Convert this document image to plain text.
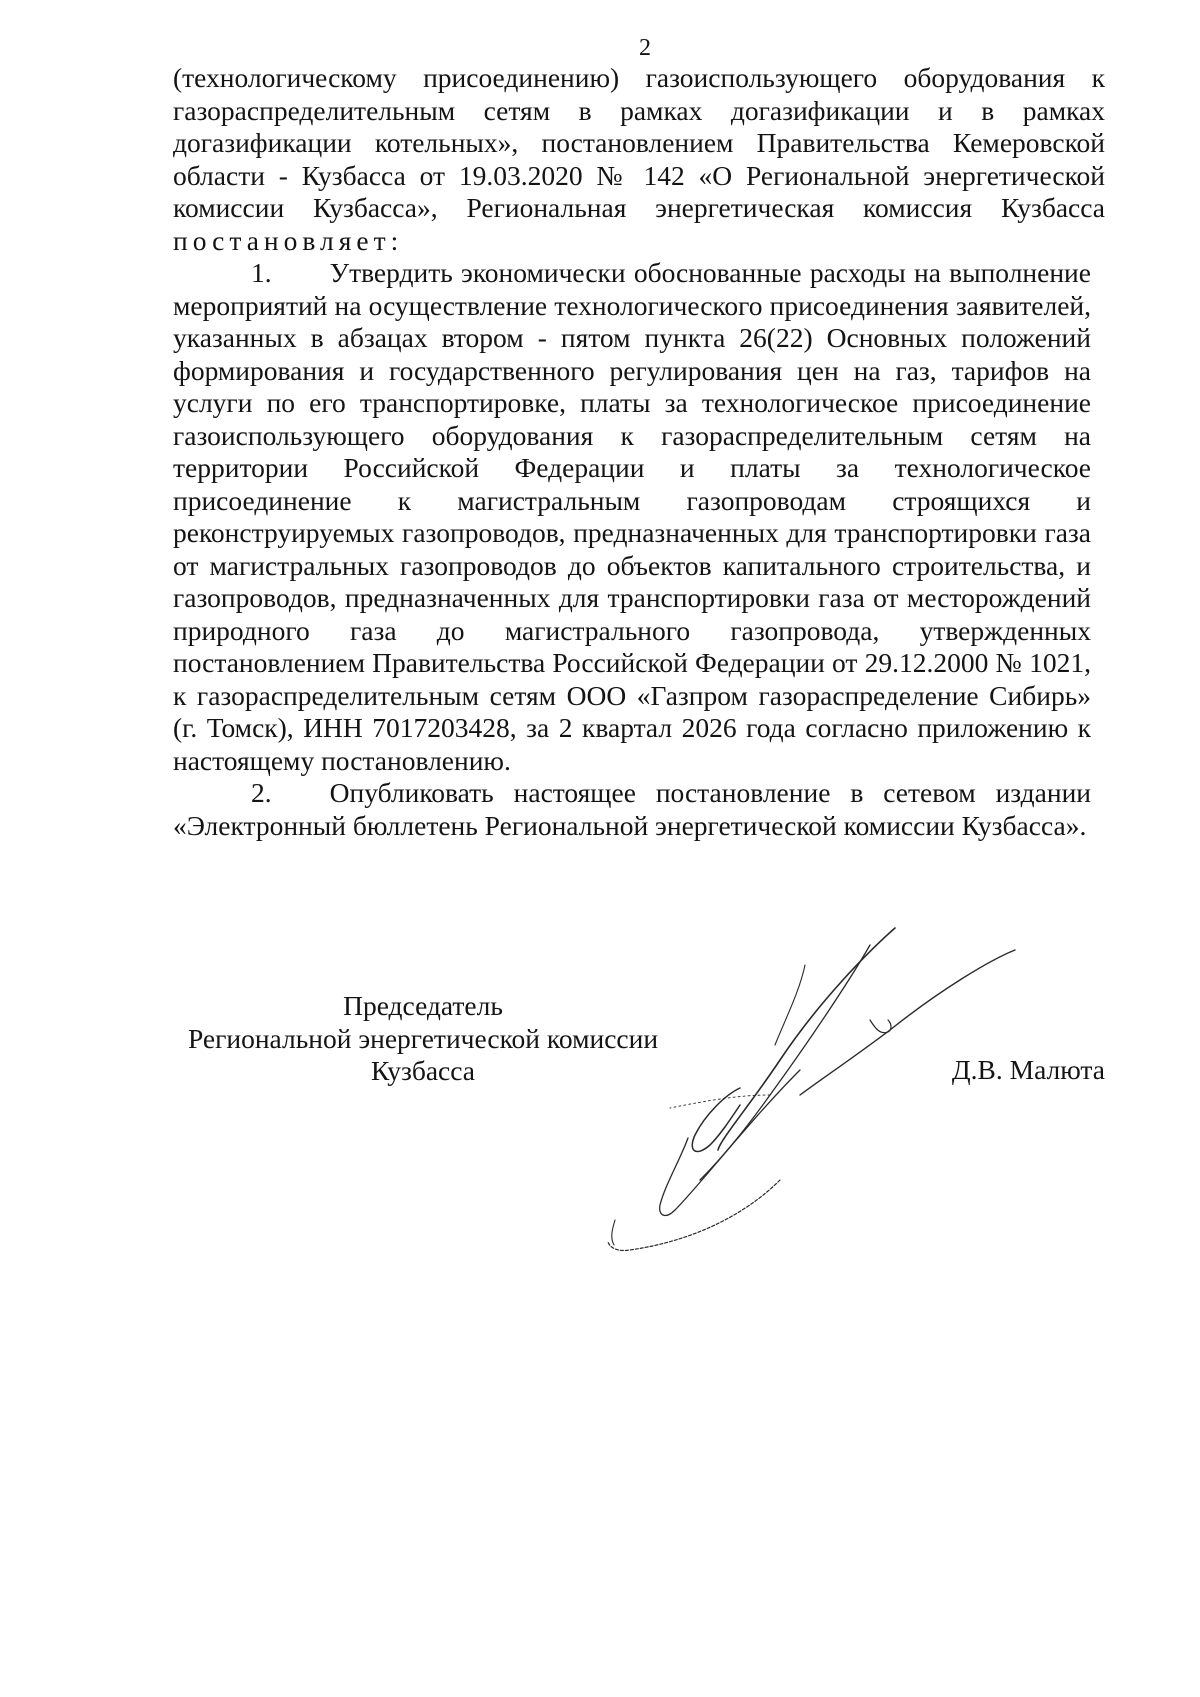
2

(технологическому присоединению) газоиспользующего оборудования к газораспределительным сетям в рамках догазификации и в рамках догазификации котельных», постановлением Правительства Кемеровской области - Кузбасса от 19.03.2020 № 142 «О Региональной энергетической комиссии Кузбасса», Региональная энергетическая комиссия Кузбасса постановляет:

1. Утвердить экономически обоснованные расходы на выполнение мероприятий на осуществление технологического присоединения заявителей, указанных в абзацах втором - пятом пункта 26(22) Основных положений формирования и государственного регулирования цен на газ, тарифов на услуги по его транспортировке, платы за технологическое присоединение газоиспользующего оборудования к газораспределительным сетям на территории Российской Федерации и платы за технологическое присоединение к магистральным газопроводам строящихся и реконструируемых газопроводов, предназначенных для транспортировки газа от магистральных газопроводов до объектов капитального строительства, и газопроводов, предназначенных для транспортировки газа от месторождений природного газа до магистрального газопровода, утвержденных постановлением Правительства Российской Федерации от 29.12.2000 № 1021, к газораспределительным сетям ООО «Газпром газораспределение Сибирь» (г. Томск), ИНН 7017203428, за 2 квартал 2026 года согласно приложению к настоящему постановлению.

2. Опубликовать настоящее постановление в сетевом издании «Электронный бюллетень Региональной энергетической комиссии Кузбасса».

Председатель
Региональной энергетической комиссии
Кузбасса	Д.В. Малюта
